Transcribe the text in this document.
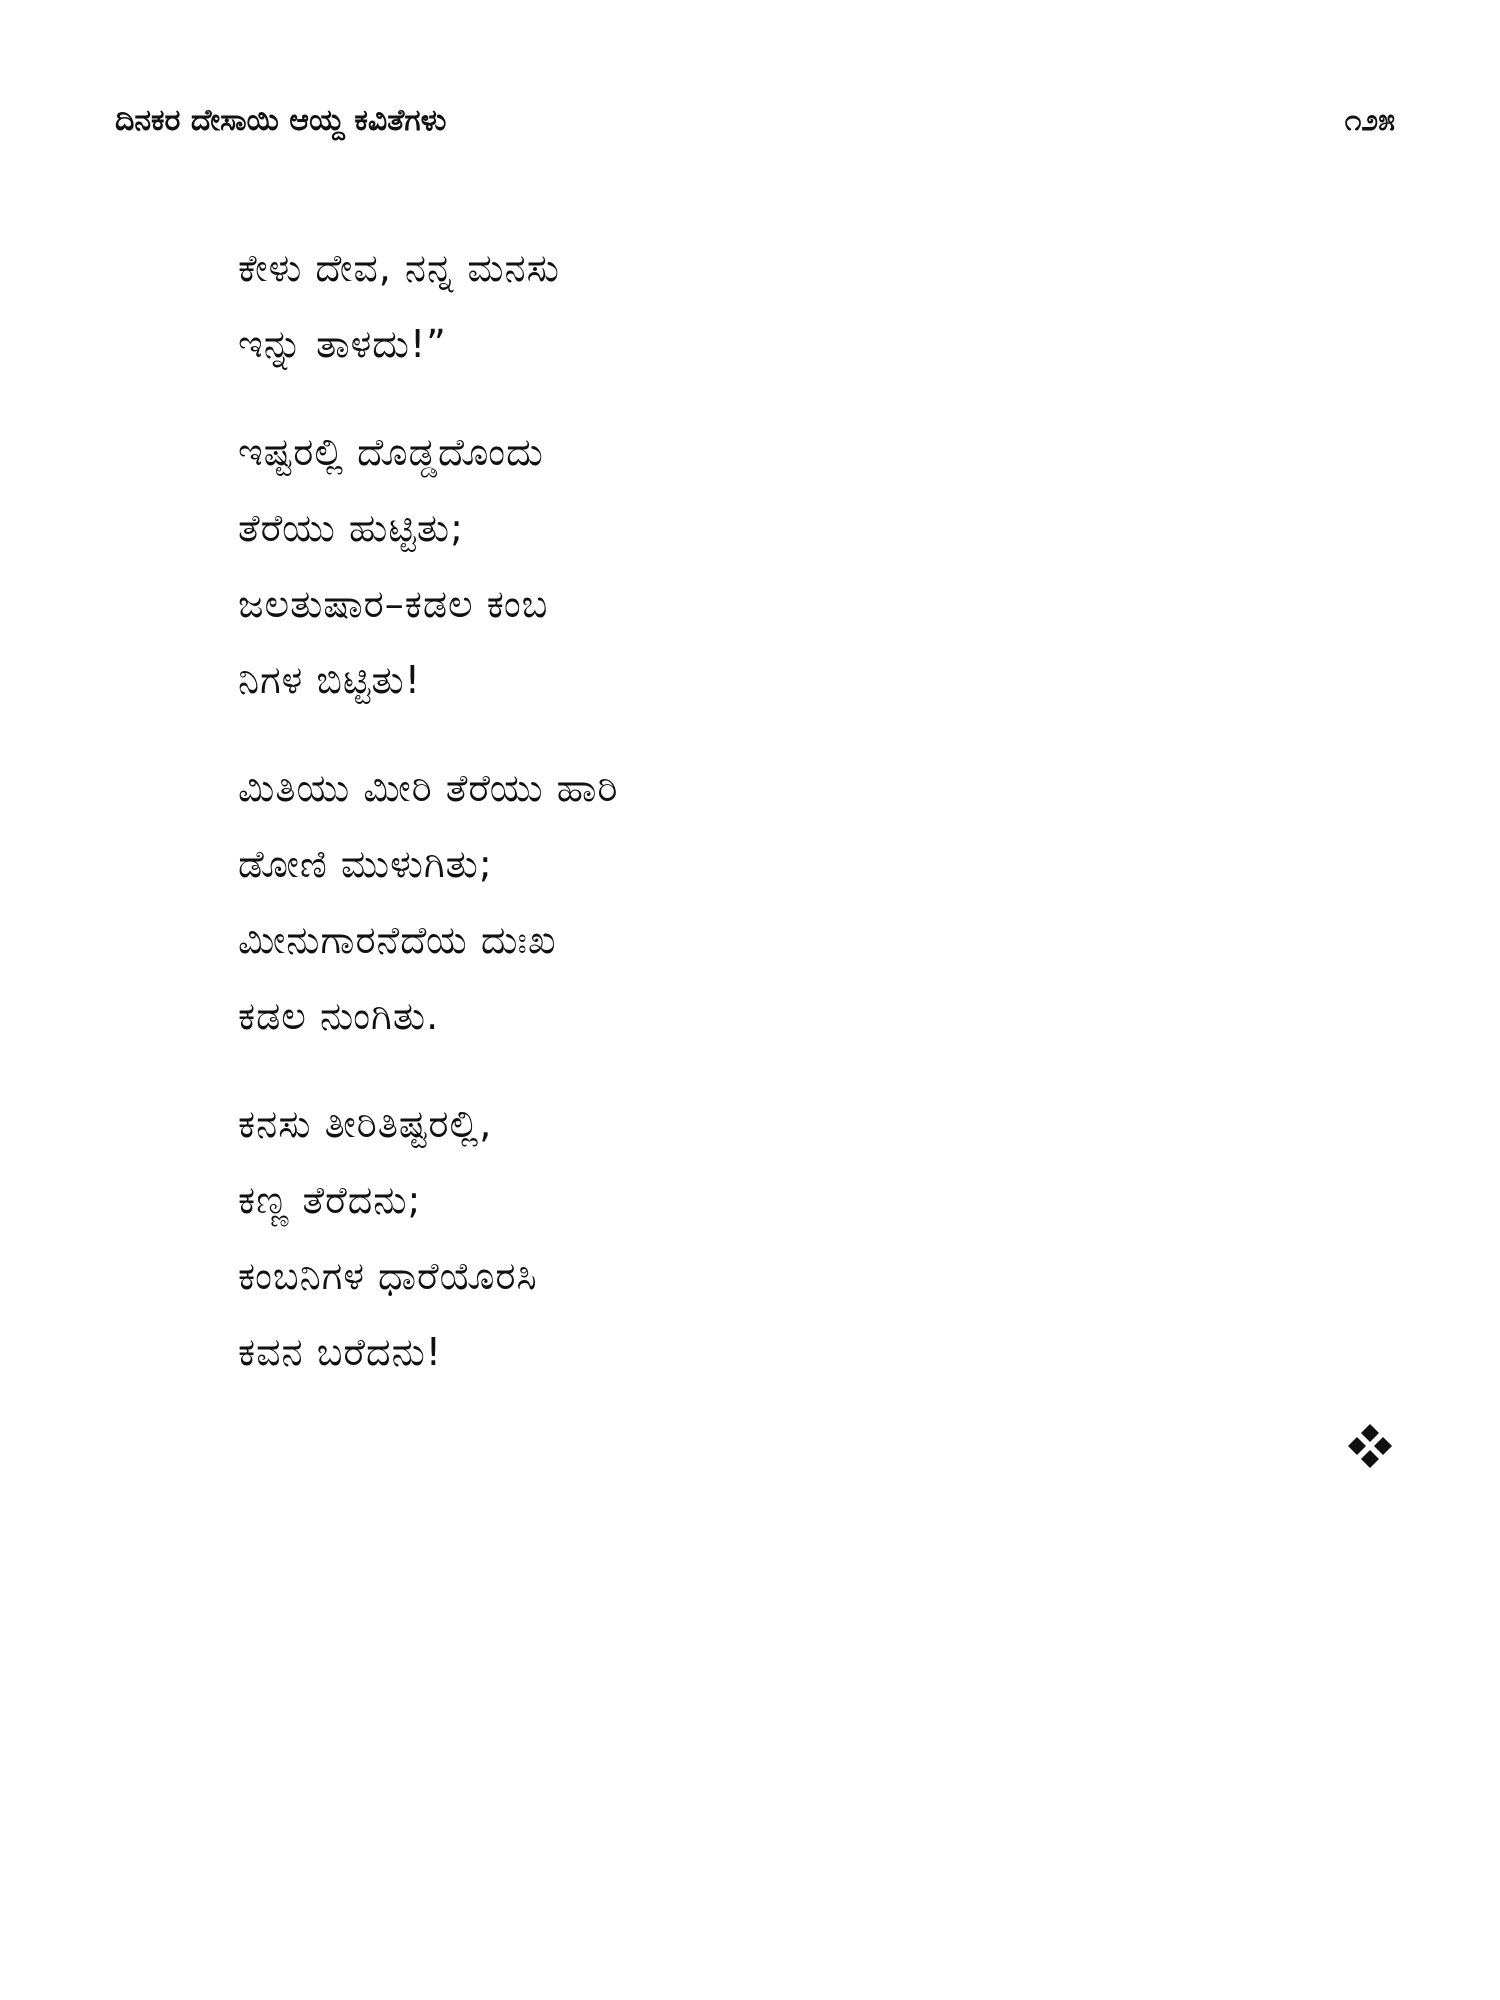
ದಿನಕರ ದೇಸಾಯಿ ಆಯ್ದ ಕವಿತೆಗಳು	೧೨೫
ಕೇಳು ದೇವ, ನನ್ನ ಮನಸು
ಇನ್ನು ತಾಳದು!”
ಇಷ್ಟರಲ್ಲಿ ದೊಡ್ಡದೊಂದು
ತೆರೆಯು ಹುಟ್ಟಿತು;
ಜಲತುಷಾರ–ಕಡಲ ಕಂಬ
ನಿಗಳ ಬಿಟ್ಟಿತು!
ಮಿತಿಯು ಮೀರಿ ತೆರೆಯು ಹಾರಿ
ಡೋಣಿ ಮುಳುಗಿತು;
ಮೀನುಗಾರನೆದೆಯ ದುಃಖ
ಕಡಲ ನುಂಗಿತು.
ಕನಸು ತೀರಿತಿಷ್ಟರಲ್ಲಿ,
ಕಣ್ಣ ತೆರೆದನು;
ಕಂಬನಿಗಳ ಧಾರೆಯೊರಸಿ
ಕವನ ಬರೆದನು!
